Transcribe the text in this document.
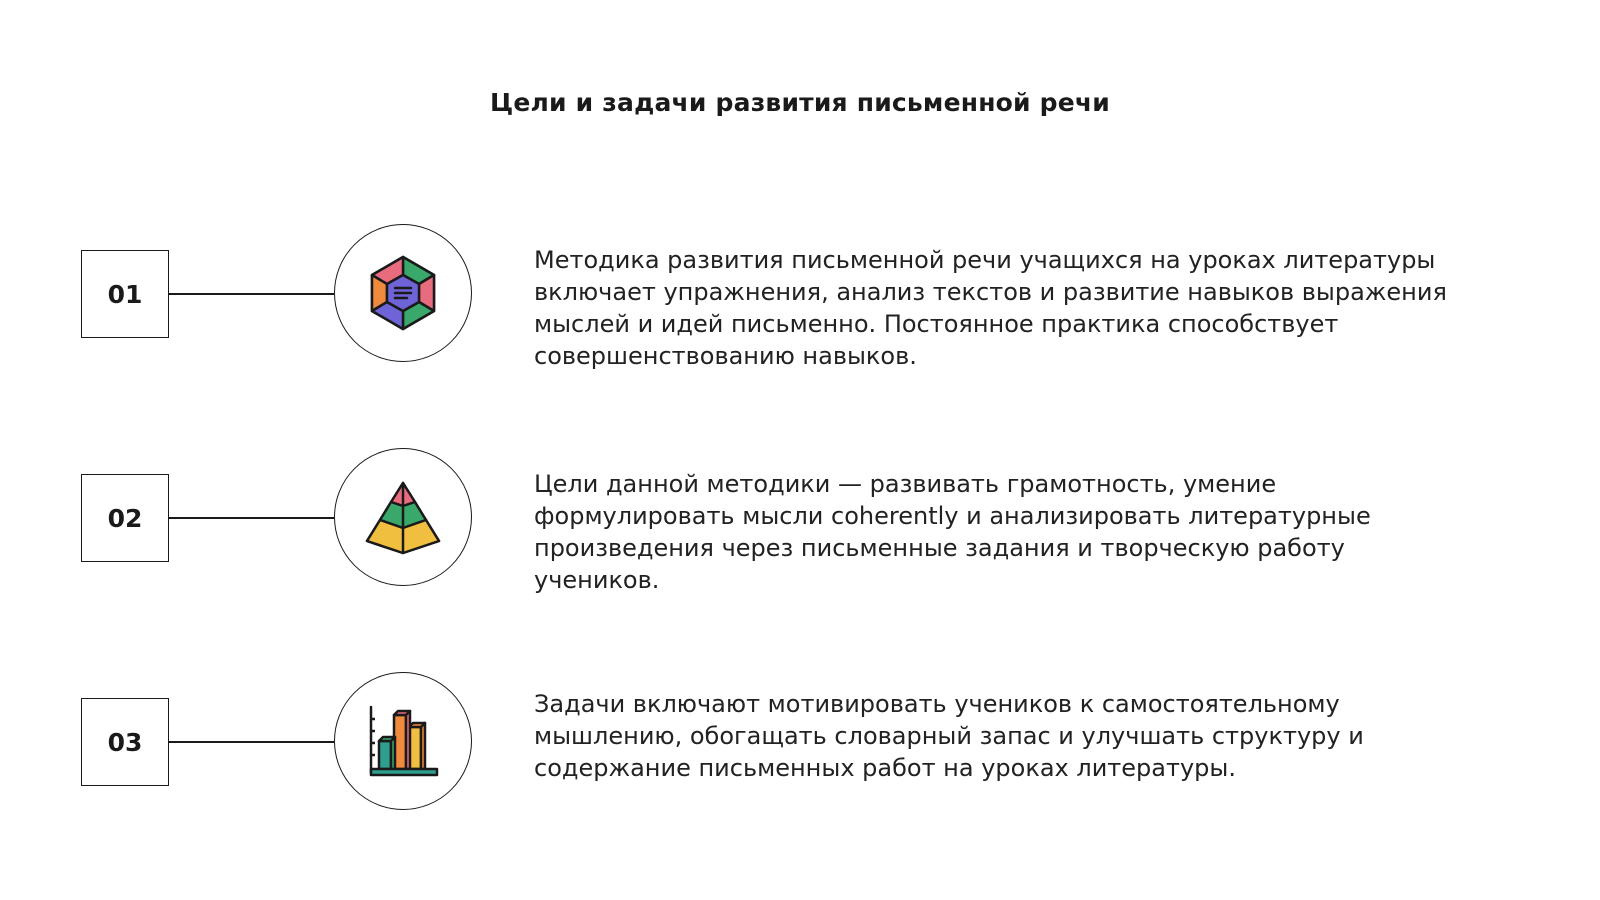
Цели и задачи развития письменной речи
01

Методика развития письменной речи учащихся на уроках литературы включает упражнения, анализ текстов и развитие навыков выражения мыслей и идей письменно. Постоянное практика способствует совершенствованию навыков.

02

Цели данной методики — развивать грамотность, умение формулировать мысли coherently и анализировать литературные произведения через письменные задания и творческую работу учеников.

03

Задачи включают мотивировать учеников к самостоятельному мышлению, обогащать словарный запас и улучшать структуру и содержание письменных работ на уроках литературы.
